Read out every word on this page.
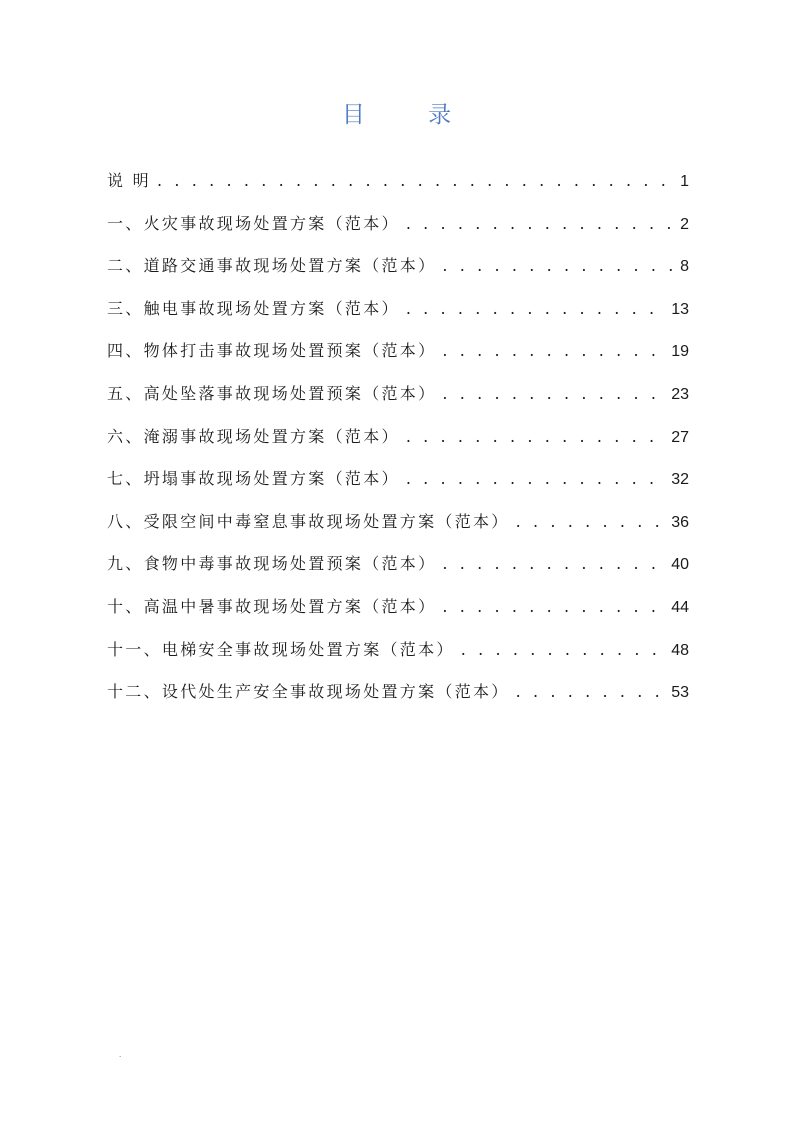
目 录
说 明 . . .	1
一、火灾事故现场处置方案（范本） . . .	2
二、道路交通事故现场处置方案（范本） . . .	8
三、触电事故现场处置方案（范本） . . .	13
四、物体打击事故现场处置预案（范本） . . .	19
五、高处坠落事故现场处置预案（范本） . . .	23
六、淹溺事故现场处置方案（范本） . . .	27
七、坍塌事故现场处置方案（范本） . . .	32
八、受限空间中毒窒息事故现场处置方案（范本） . . .	36
九、食物中毒事故现场处置预案（范本） . . .	40
十、高温中暑事故现场处置方案（范本） . . .	44
十一、电梯安全事故现场处置方案（范本） . . .	48
十二、设代处生产安全事故现场处置方案（范本） . . .	53
.
